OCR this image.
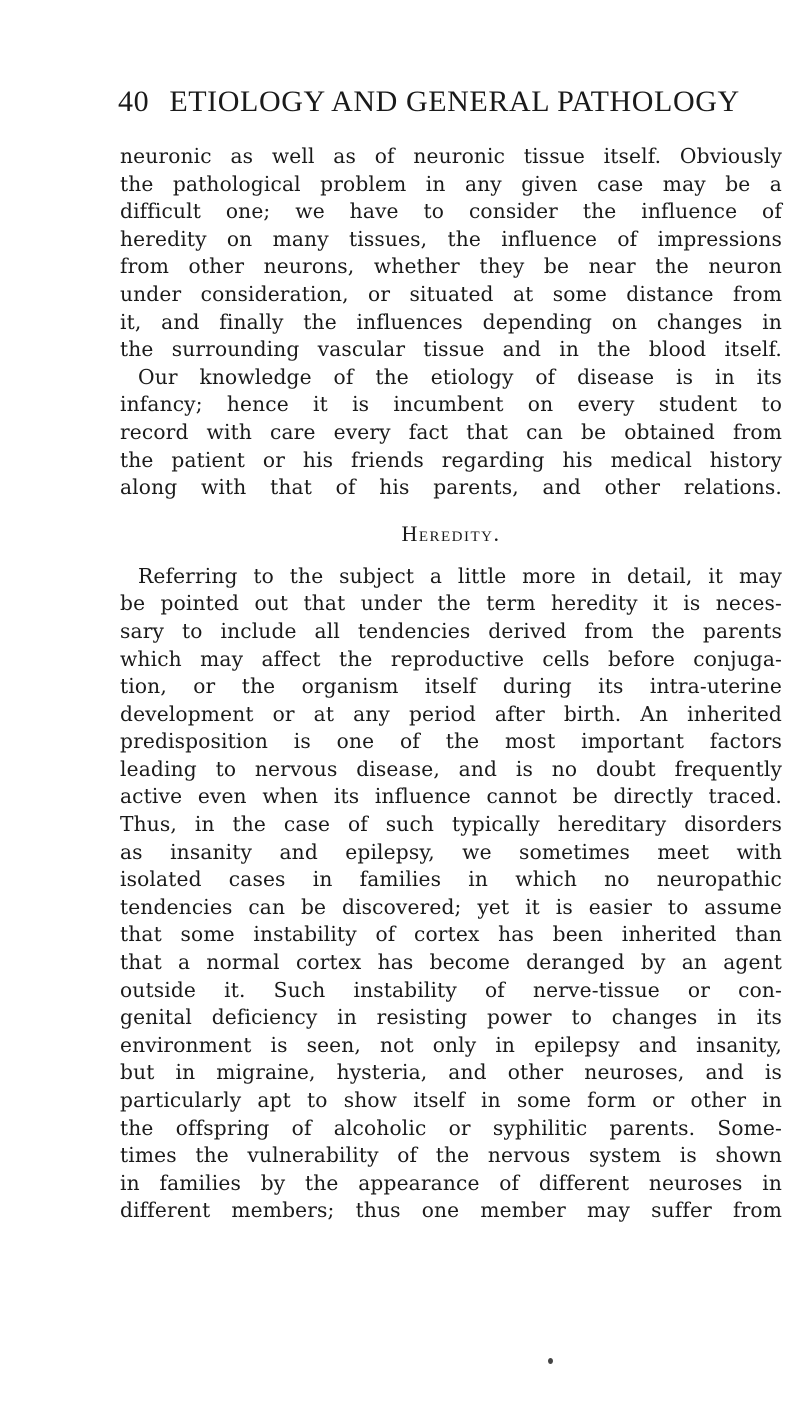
40 ETIOLOGY AND GENERAL PATHOLOGY
neuronic as well as of neuronic tissue itself. Obviously
the pathological problem in any given case may be a
difficult one; we have to consider the influence of
heredity on many tissues, the influence of impressions
from other neurons, whether they be near the neuron
under consideration, or situated at some distance from
it, and finally the influences depending on changes in
the surrounding vascular tissue and in the blood itself.
Our knowledge of the etiology of disease is in its
infancy; hence it is incumbent on every student to
record with care every fact that can be obtained from
the patient or his friends regarding his medical history
along with that of his parents, and other relations.
Heredity.
Referring to the subject a little more in detail, it may
be pointed out that under the term heredity it is neces-
sary to include all tendencies derived from the parents
which may affect the reproductive cells before conjuga-
tion, or the organism itself during its intra-uterine
development or at any period after birth. An inherited
predisposition is one of the most important factors
leading to nervous disease, and is no doubt frequently
active even when its influence cannot be directly traced.
Thus, in the case of such typically hereditary disorders
as insanity and epilepsy, we sometimes meet with
isolated cases in families in which no neuropathic
tendencies can be discovered; yet it is easier to assume
that some instability of cortex has been inherited than
that a normal cortex has become deranged by an agent
outside it. Such instability of nerve-tissue or con-
genital deficiency in resisting power to changes in its
environment is seen, not only in epilepsy and insanity,
but in migraine, hysteria, and other neuroses, and is
particularly apt to show itself in some form or other in
the offspring of alcoholic or syphilitic parents. Some-
times the vulnerability of the nervous system is shown
in families by the appearance of different neuroses in
different members; thus one member may suffer from
